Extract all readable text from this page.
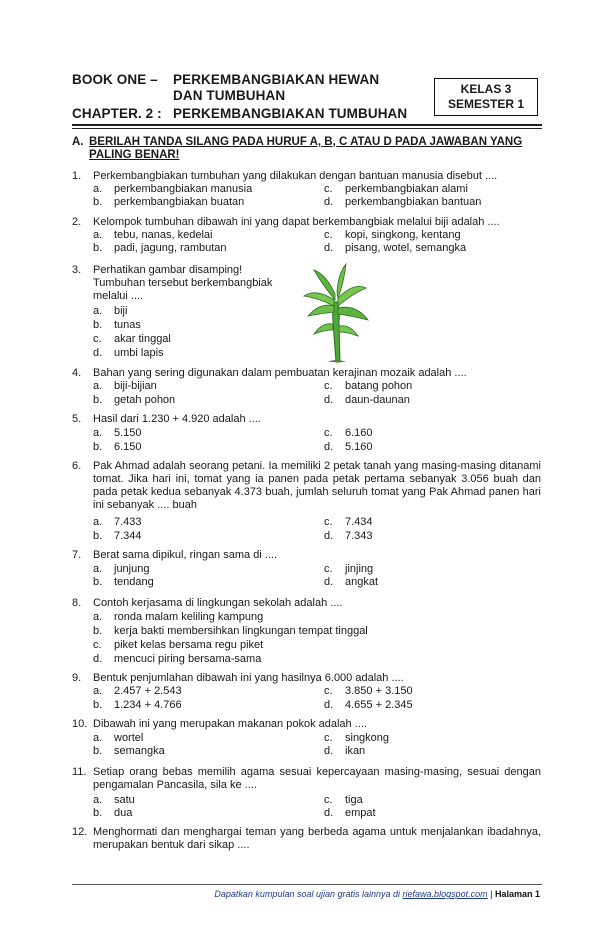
BOOK ONE – PERKEMBANGBIAKAN HEWAN
DAN TUMBUHAN
CHAPTER. 2 : PERKEMBANGBIAKAN TUMBUHAN
KELAS 3
SEMESTER 1
A. BERILAH TANDA SILANG PADA HURUF A, B, C ATAU D PADA JAWABAN YANG PALING BENAR!
1. Perkembangbiakan tumbuhan yang dilakukan dengan bantuan manusia disebut ....
a. perkembangbiakan manusia
b. perkembangbiakan buatan
c. perkembangbiakan alami
d. perkembangbiakan bantuan
2. Kelompok tumbuhan dibawah ini yang dapat berkembangbiak melalui biji adalah ....
a. tebu, nanas, kedelai
b. padi, jagung, rambutan
c. kopi, singkong, kentang
d. pisang, wotel, semangka
3. Perhatikan gambar disamping!
Tumbuhan tersebut berkembangbiak melalui ....
a. biji
b. tunas
c. akar tinggal
d. umbi lapis
4. Bahan yang sering digunakan dalam pembuatan kerajinan mozaik adalah ....
a. biji-bijian
b. getah pohon
c. batang pohon
d. daun-daunan
5. Hasil dari 1.230 + 4.920 adalah ....
a. 5.150
b. 6.150
c. 6.160
d. 5.160
6. Pak Ahmad adalah seorang petani. Ia memiliki 2 petak tanah yang masing-masing ditanami tomat. Jika hari ini, tomat yang ia panen pada petak pertama sebanyak 3.056 buah dan pada petak kedua sebanyak 4.373 buah, jumlah seluruh tomat yang Pak Ahmad panen hari ini sebanyak .... buah
a. 7.433
b. 7.344
c. 7.434
d. 7.343
7. Berat sama dipikul, ringan sama di ....
a. junjung
b. tendang
c. jinjing
d. angkat
8. Contoh kerjasama di lingkungan sekolah adalah ....
a. ronda malam keliling kampung
b. kerja bakti membersihkan lingkungan tempat tinggal
c. piket kelas bersama regu piket
d. mencuci piring bersama-sama
9. Bentuk penjumlahan dibawah ini yang hasilnya 6.000 adalah ....
a. 2.457 + 2.543
b. 1.234 + 4.766
c. 3.850 + 3.150
d. 4.655 + 2.345
10. Dibawah ini yang merupakan makanan pokok adalah ....
a. wortel
b. semangka
c. singkong
d. ikan
11. Setiap orang bebas memilih agama sesuai kepercayaan masing-masing, sesuai dengan pengamalan Pancasila, sila ke ....
a. satu
b. dua
c. tiga
d. empat
12. Menghormati dan menghargai teman yang berbeda agama untuk menjalankan ibadahnya, merupakan bentuk dari sikap ....
Dapatkan kumpulan soal ujian gratis lainnya di riefawa.blogspot.com | Halaman 1
